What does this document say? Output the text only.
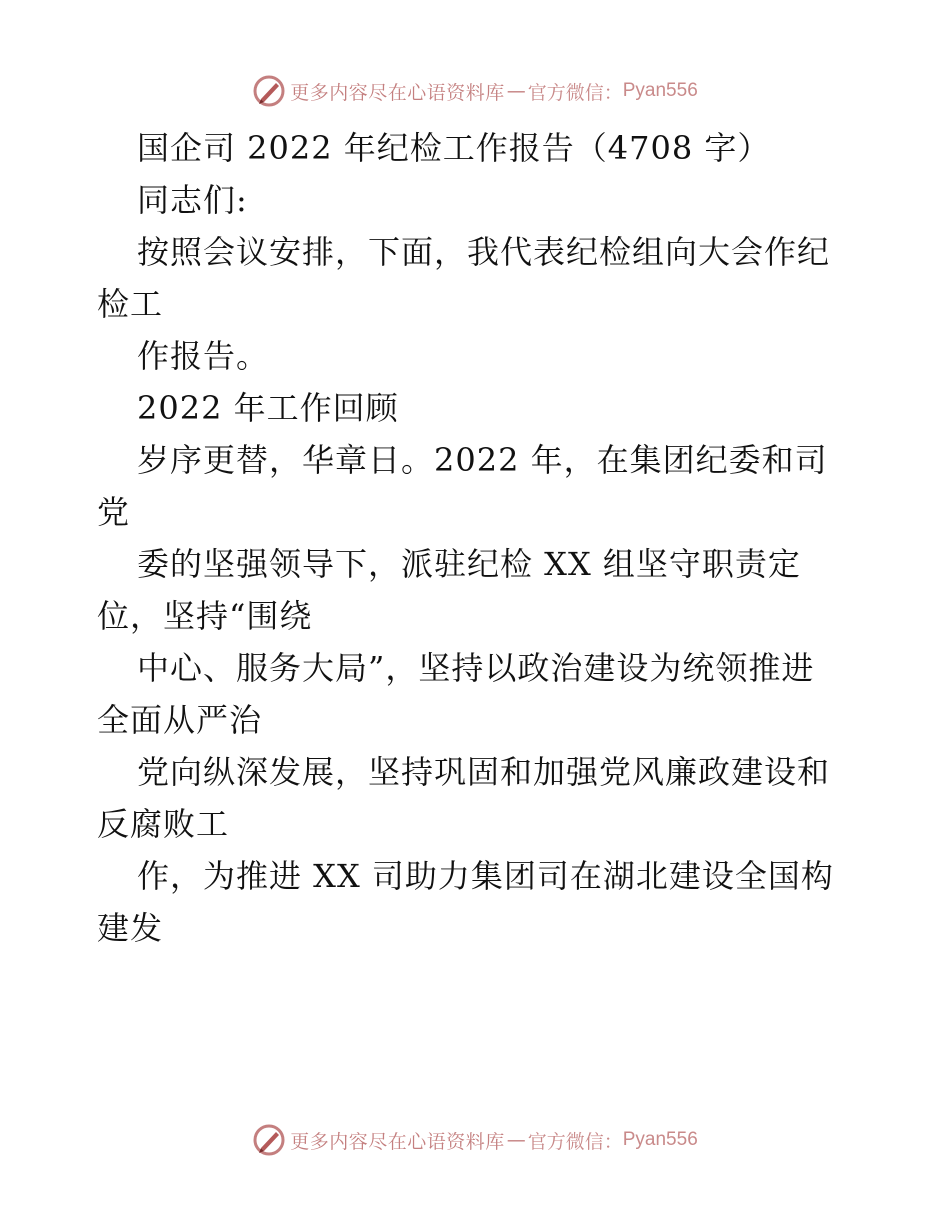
更多内容尽在心语资料库 — 官方微信： Pyan556
国企司 2022 年纪检工作报告（4708 字）
同志们:
按照会议安排，下面，我代表纪检组向大会作纪
检工
作报告。
2022 年工作回顾
岁序更替，华章日。2022 年，在集团纪委和司
党
委的坚强领导下，派驻纪检 XX 组坚守职责定
位，坚持“围绕
中心、服务大局”，坚持以政治建设为统领推进
全面从严治
党向纵深发展，坚持巩固和加强党风廉政建设和
反腐败工
作，为推进 XX 司助力集团司在湖北建设全国构
建发
更多内容尽在心语资料库 — 官方微信： Pyan556
